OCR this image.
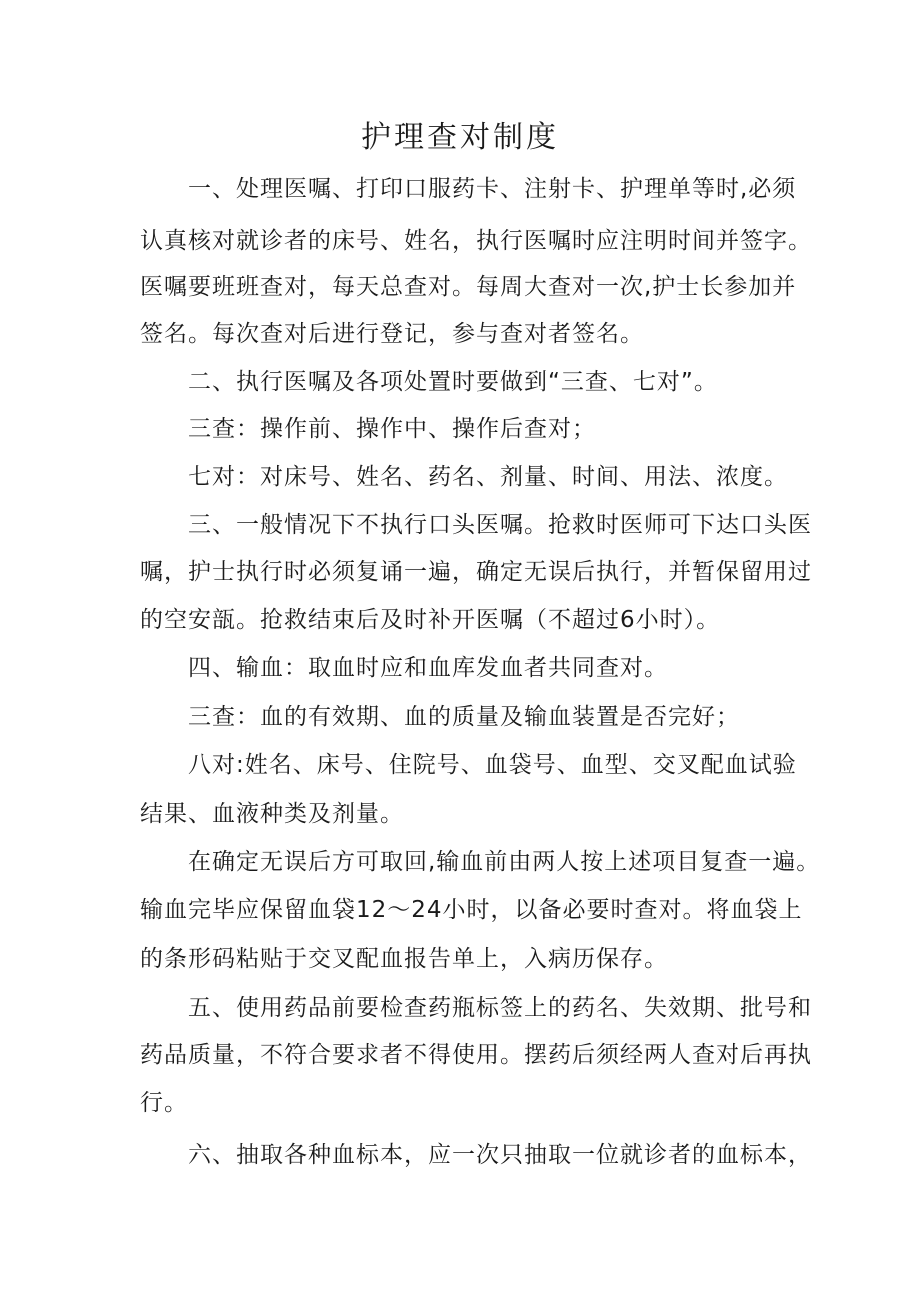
护理查对制度
一、处理医嘱、打印口服药卡、注射卡、护理单等时,必须
认真核对就诊者的床号、姓名，执行医嘱时应注明时间并签字。
医嘱要班班查对，每天总查对。每周大查对一次,护士长参加并
签名。每次查对后进行登记，参与查对者签名。
二、执行医嘱及各项处置时要做到“三查、七对”。
三查：操作前、操作中、操作后查对；
七对：对床号、姓名、药名、剂量、时间、用法、浓度。
三、一般情况下不执行口头医嘱。抢救时医师可下达口头医
嘱，护士执行时必须复诵一遍，确定无误后执行，并暂保留用过
的空安瓿。抢救结束后及时补开医嘱（不超过6小时）。
四、输血：取血时应和血库发血者共同查对。
三查：血的有效期、血的质量及输血装置是否完好；
八对:姓名、床号、住院号、血袋号、血型、交叉配血试验
结果、血液种类及剂量。
在确定无误后方可取回,输血前由两人按上述项目复查一遍。
输血完毕应保留血袋12〜24小时，以备必要时查对。将血袋上
的条形码粘贴于交叉配血报告单上，入病历保存。
五、使用药品前要检查药瓶标签上的药名、失效期、批号和
药品质量，不符合要求者不得使用。摆药后须经两人查对后再执
行。
六、抽取各种血标本，应一次只抽取一位就诊者的血标本，
